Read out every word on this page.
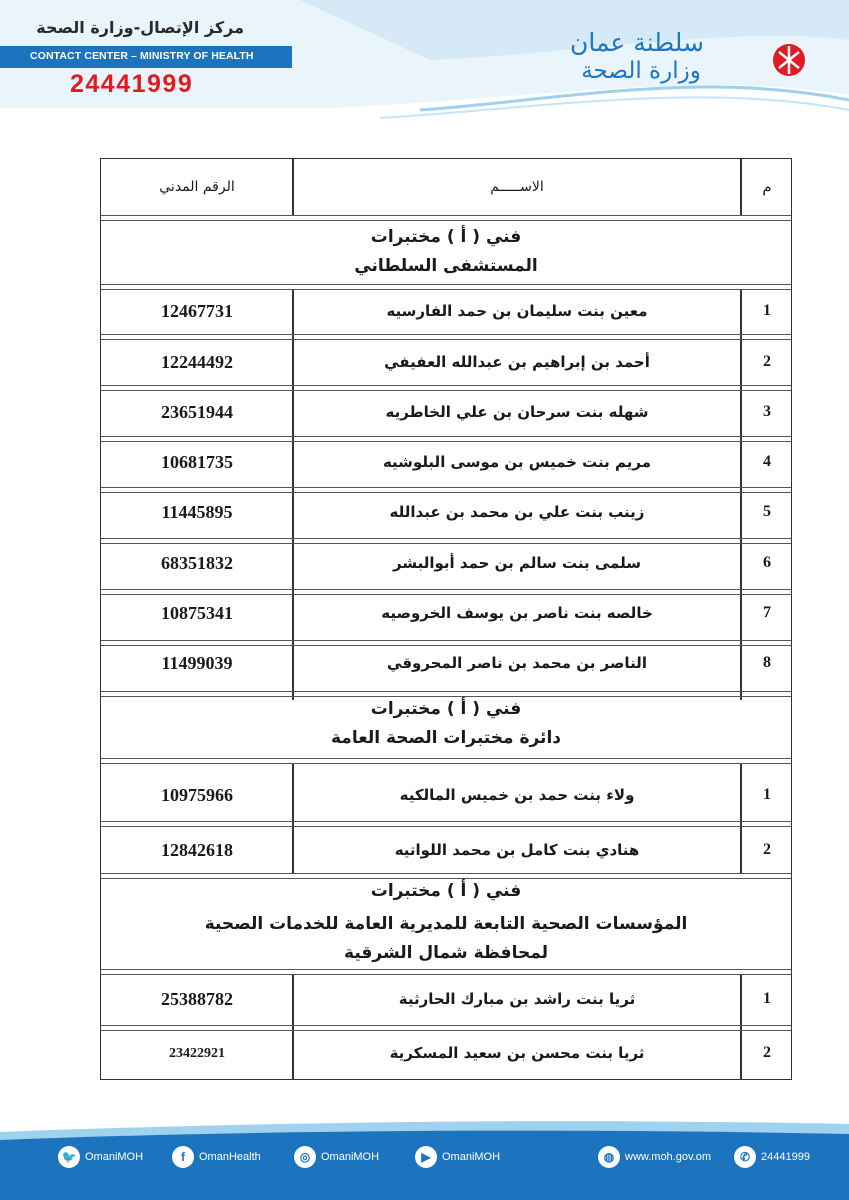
مركز الإتصال-وزارة الصحة
CONTACT CENTER – MINISTRY OF HEALTH
24441999
سلطنة عمان
وزارة الصحة
الرقم المدني	الاســـــم	م
فني ( أ ) مختبرات
المستشفى السلطاني
12467731	معين بنت سليمان بن حمد الفارسيه	1
12244492	أحمد بن إبراهيم بن عبدالله العفيفي	2
23651944	شهله بنت سرحان بن علي الخاطريه	3
10681735	مريم بنت خميس بن موسى البلوشيه	4
11445895	زينب بنت علي بن محمد بن عبدالله	5
68351832	سلمى بنت سالم بن حمد أبوالبشر	6
10875341	خالصه بنت ناصر بن يوسف الخروصيه	7
11499039	الناصر بن محمد بن ناصر المحروقي	8
فني ( أ ) مختبرات
دائرة مختبرات الصحة العامة
10975966	ولاء بنت حمد بن خميس المالكيه	1
12842618	هنادي بنت كامل بن محمد اللواتيه	2
فني ( أ ) مختبرات
المؤسسات الصحية التابعة للمديرية العامة للخدمات الصحية
لمحافظة شمال الشرقية
25388782	ثريا بنت راشد بن مبارك الحارثية	1
23422921	ثريا بنت محسن بن سعيد المسكرية	2
🐦 OmaniMOH	f	OmanHealth	◎ OmaniMOH	▶	OmaniMOH	◍ www.moh.gov.om	✆ 24441999
